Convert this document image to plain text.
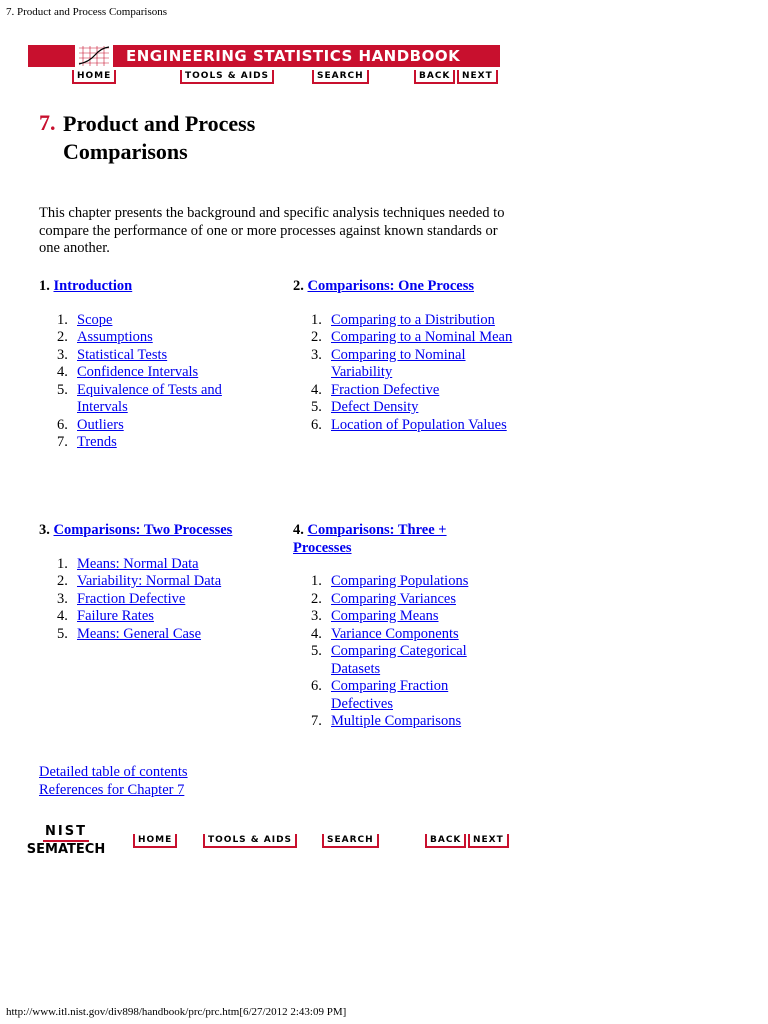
7. Product and Process Comparisons
ENGINEERING STATISTICS HANDBOOK
HOME	TOOLS & AIDS	SEARCH	BACK	NEXT
7. Product and Process Comparisons
This chapter presents the background and specific analysis techniques needed to compare the performance of one or more processes against known standards or one another.
1. Introduction
1. Scope
2. Assumptions
3. Statistical Tests
4. Confidence Intervals
5. Equivalence of Tests and Intervals
6. Outliers
7. Trends
2. Comparisons: One Process
1. Comparing to a Distribution
2. Comparing to a Nominal Mean
3. Comparing to Nominal Variability
4. Fraction Defective
5. Defect Density
6. Location of Population Values
3. Comparisons: Two Processes
1. Means: Normal Data
2. Variability: Normal Data
3. Fraction Defective
4. Failure Rates
5. Means: General Case
4. Comparisons: Three + Processes
1. Comparing Populations
2. Comparing Variances
3. Comparing Means
4. Variance Components
5. Comparing Categorical Datasets
6. Comparing Fraction Defectives
7. Multiple Comparisons
Detailed table of contents
References for Chapter 7
NIST
SEMATECH
HOME	TOOLS & AIDS	SEARCH	BACK	NEXT
http://www.itl.nist.gov/div898/handbook/prc/prc.htm[6/27/2012 2:43:09 PM]
